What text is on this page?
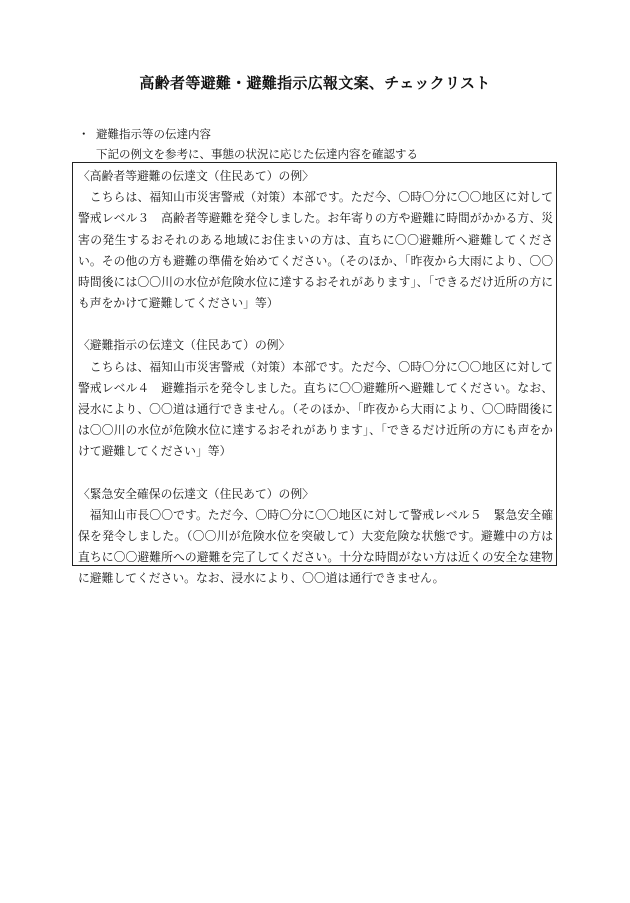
高齢者等避難・避難指示広報文案、チェックリスト
・ 避難指示等の伝達内容
下記の例文を参考に、事態の状況に応じた伝達内容を確認する

〈高齢者等避難の伝達文（住民あて）の例〉

こちらは、福知山市災害警戒（対策）本部です。ただ今、〇時〇分に〇〇地区に対して警戒レベル３　高齢者等避難を発令しました。お年寄りの方や避難に時間がかかる方、災害の発生するおそれのある地域にお住まいの方は、直ちに〇〇避難所へ避難してください。その他の方も避難の準備を始めてください。（そのほか、「昨夜から大雨により、〇〇時間後には〇〇川の水位が危険水位に達するおそれがあります」、「できるだけ近所の方にも声をかけて避難してください」等）

〈避難指示の伝達文（住民あて）の例〉

こちらは、福知山市災害警戒（対策）本部です。ただ今、〇時〇分に〇〇地区に対して警戒レベル４　避難指示を発令しました。直ちに〇〇避難所へ避難してください。なお、浸水により、〇〇道は通行できません。（そのほか、「昨夜から大雨により、〇〇時間後には〇〇川の水位が危険水位に達するおそれがあります」、「できるだけ近所の方にも声をかけて避難してください」等）

〈緊急安全確保の伝達文（住民あて）の例〉

福知山市長〇〇です。ただ今、〇時〇分に〇〇地区に対して警戒レベル５　緊急安全確保を発令しました。（〇〇川が危険水位を突破して）大変危険な状態です。避難中の方は直ちに〇〇避難所への避難を完了してください。十分な時間がない方は近くの安全な建物に避難してください。なお、浸水により、〇〇道は通行できません。
